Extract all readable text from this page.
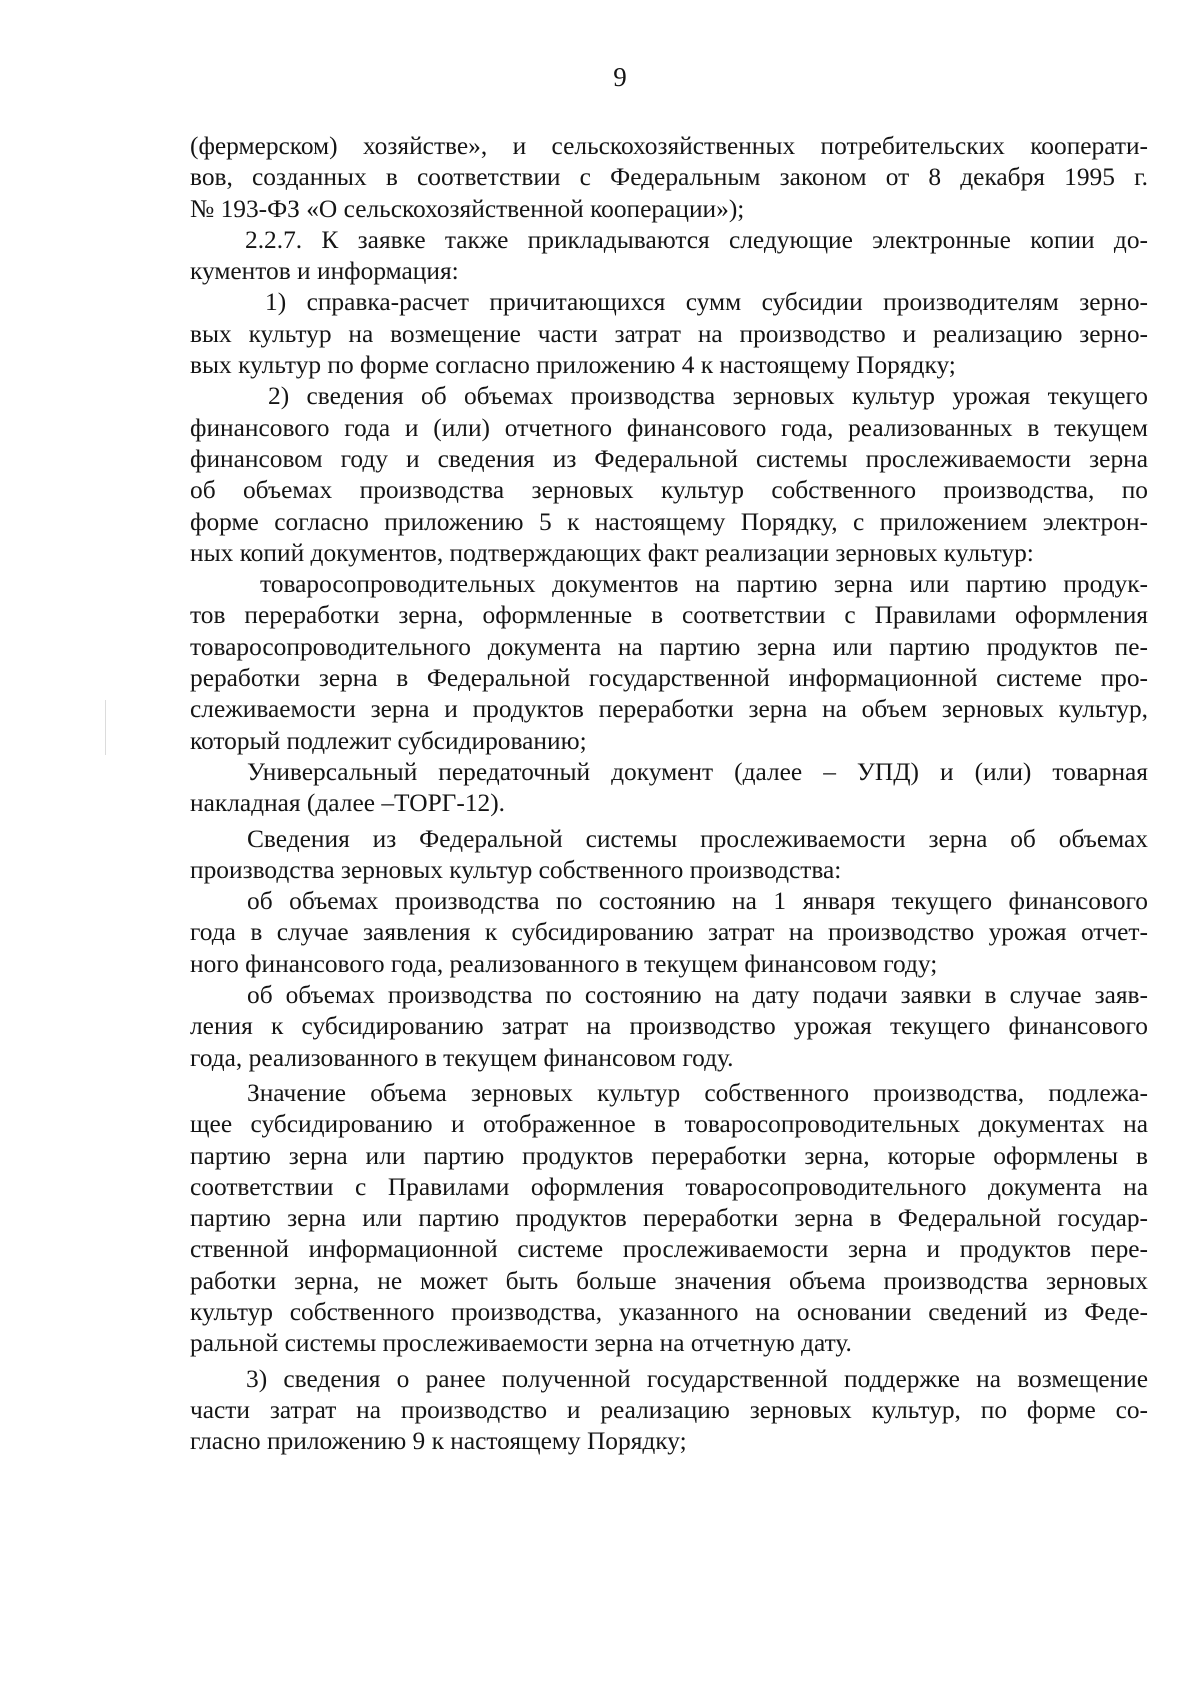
9
(фермерском) хозяйстве», и сельскохозяйственных потребительских кооперати-
вов, созданных в соответствии с Федеральным законом от 8 декабря 1995 г.
№ 193-ФЗ «О сельскохозяйственной кооперации»);
2.2.7. К заявке также прикладываются следующие электронные копии до-
кументов и информация:
1) справка-расчет причитающихся сумм субсидии производителям зерно-
вых культур на возмещение части затрат на производство и реализацию зерно-
вых культур по форме согласно приложению 4 к настоящему Порядку;
2) сведения об объемах производства зерновых культур урожая текущего
финансового года и (или) отчетного финансового года, реализованных в текущем
финансовом году и сведения из Федеральной системы прослеживаемости зерна
об объемах производства зерновых культур собственного производства, по
форме согласно приложению 5 к настоящему Порядку, с приложением электрон-
ных копий документов, подтверждающих факт реализации зерновых культур:
товаросопроводительных документов на партию зерна или партию продук-
тов переработки зерна, оформленные в соответствии с Правилами оформления
товаросопроводительного документа на партию зерна или партию продуктов пе-
реработки зерна в Федеральной государственной информационной системе про-
слеживаемости зерна и продуктов переработки зерна на объем зерновых культур,
который подлежит субсидированию;
Универсальный передаточный документ (далее – УПД) и (или) товарная
накладная (далее –ТОРГ-12).
Сведения из Федеральной системы прослеживаемости зерна об объемах
производства зерновых культур собственного производства:
об объемах производства по состоянию на 1 января текущего финансового
года в случае заявления к субсидированию затрат на производство урожая отчет-
ного финансового года, реализованного в текущем финансовом году;
об объемах производства по состоянию на дату подачи заявки в случае заяв-
ления к субсидированию затрат на производство урожая текущего финансового
года, реализованного в текущем финансовом году.
Значение объема зерновых культур собственного производства, подлежа-
щее субсидированию и отображенное в товаросопроводительных документах на
партию зерна или партию продуктов переработки зерна, которые оформлены в
соответствии с Правилами оформления товаросопроводительного документа на
партию зерна или партию продуктов переработки зерна в Федеральной государ-
ственной информационной системе прослеживаемости зерна и продуктов пере-
работки зерна, не может быть больше значения объема производства зерновых
культур собственного производства, указанного на основании сведений из Феде-
ральной системы прослеживаемости зерна на отчетную дату.
3) сведения о ранее полученной государственной поддержке на возмещение
части затрат на производство и реализацию зерновых культур, по форме со-
гласно приложению 9 к настоящему Порядку;
